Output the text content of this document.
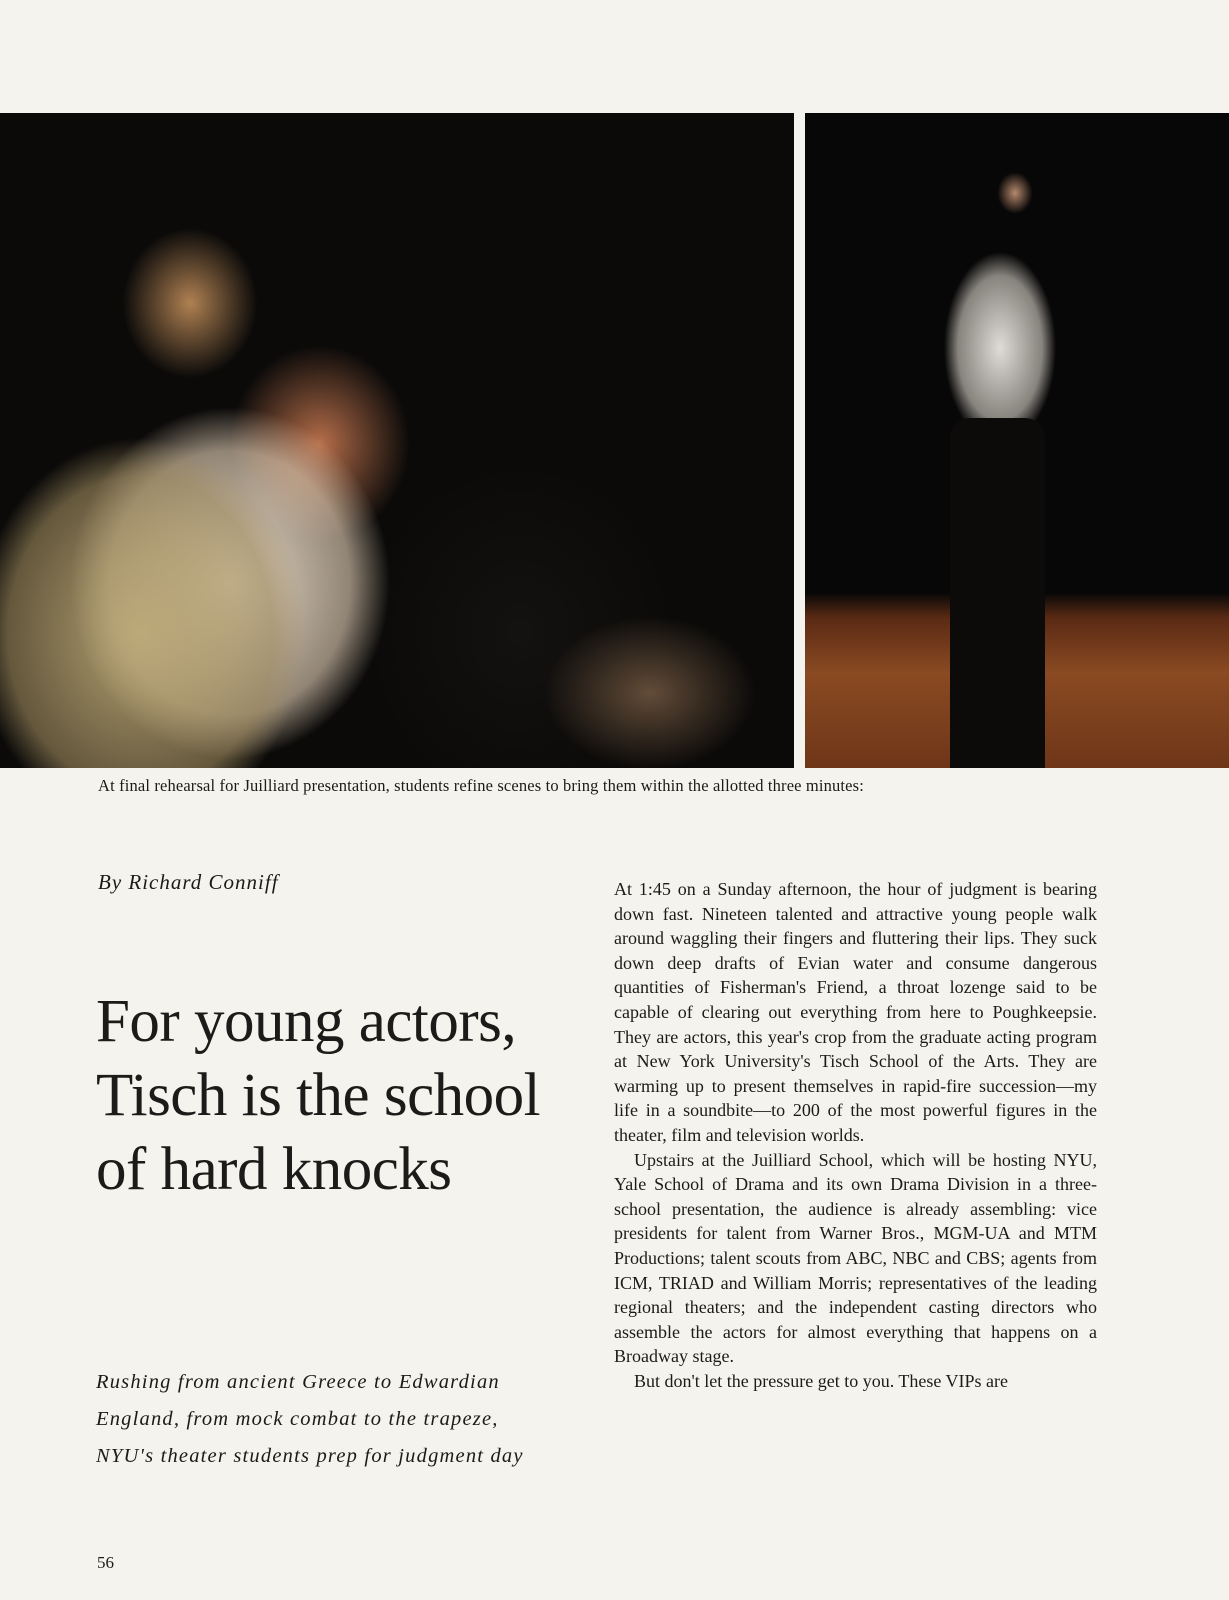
At final rehearsal for Juilliard presentation, students refine scenes to bring them within the allotted three minutes:
By Richard Conniff
For young actors,
Tisch is the school
of hard knocks
Rushing from ancient Greece to Edwardian
England, from mock combat to the trapeze,
NYU's theater students prep for judgment day

At 1:45 on a Sunday afternoon, the hour of judgment is bearing down fast. Nineteen talented and attractive young people walk around waggling their fingers and fluttering their lips. They suck down deep drafts of Evian water and consume dangerous quantities of Fisherman's Friend, a throat lozenge said to be capable of clearing out everything from here to Poughkeepsie. They are actors, this year's crop from the graduate acting program at New York University's Tisch School of the Arts. They are warming up to present themselves in rapid-fire succession—my life in a soundbite—to 200 of the most powerful figures in the theater, film and television worlds.

Upstairs at the Juilliard School, which will be hosting NYU, Yale School of Drama and its own Drama Division in a three-school presentation, the audience is already assembling: vice presidents for talent from Warner Bros., MGM-UA and MTM Productions; talent scouts from ABC, NBC and CBS; agents from ICM, TRIAD and William Morris; representatives of the leading regional theaters; and the independent casting directors who assemble the actors for almost everything that happens on a Broadway stage.

But don't let the pressure get to you. These VIPs are

56
